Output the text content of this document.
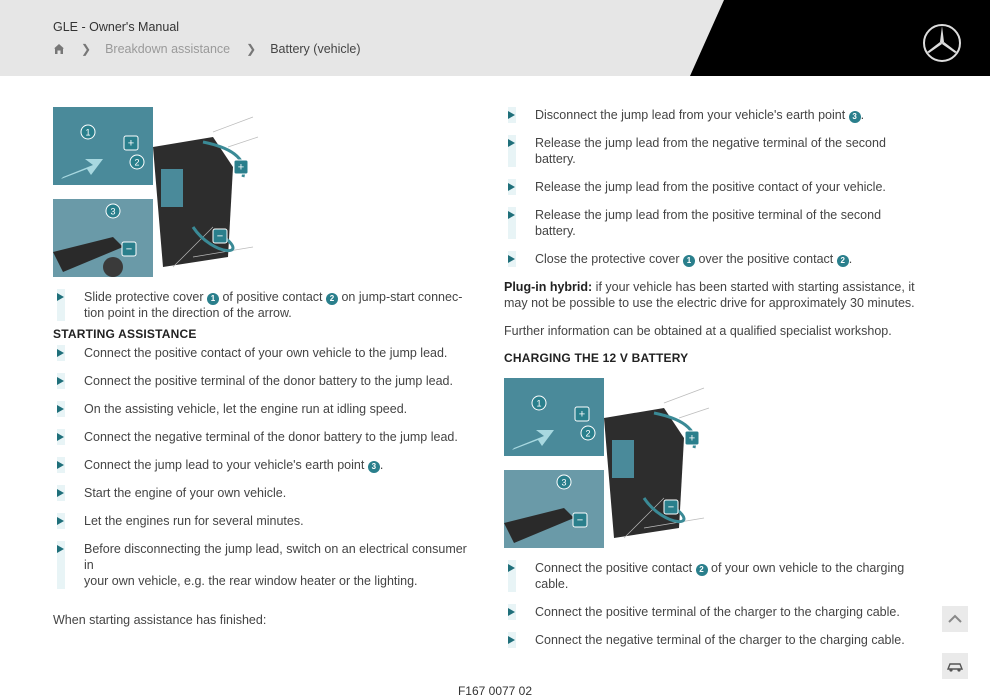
GLE - Owner's Manual
❯ Breakdown assistance ❯ Battery (vehicle)
1
2
3
+
+
−
−
Slide protective cover 1 of positive contact 2 on jump-start connec-
tion point in the direction of the arrow.
STARTING ASSISTANCE
Connect the positive contact of your own vehicle to the jump lead.
Connect the positive terminal of the donor battery to the jump lead.
On the assisting vehicle, let the engine run at idling speed.
Connect the negative terminal of the donor battery to the jump lead.
Connect the jump lead to your vehicle's earth point 3 .
Start the engine of your own vehicle.
Let the engines run for several minutes.
Before disconnecting the jump lead, switch on an electrical consumer in
your own vehicle, e.g. the rear window heater or the lighting.
When starting assistance has finished:
Disconnect the jump lead from your vehicle's earth point 3 .
Release the jump lead from the negative terminal of the second battery.
Release the jump lead from the positive contact of your vehicle.
Release the jump lead from the positive terminal of the second battery.
Close the protective cover 1 over the positive contact 2 .
Plug-in hybrid: if your vehicle has been started with starting assistance, it
may not be possible to use the electric drive for approximately 30 minutes.
Further information can be obtained at a qualified specialist workshop.
CHARGING THE 12 V BATTERY
1
2
3
+
+
−
−
Connect the positive contact 2 of your own vehicle to the charging
cable.
Connect the positive terminal of the charger to the charging cable.
Connect the negative terminal of the charger to the charging cable.
F167 0077 02
